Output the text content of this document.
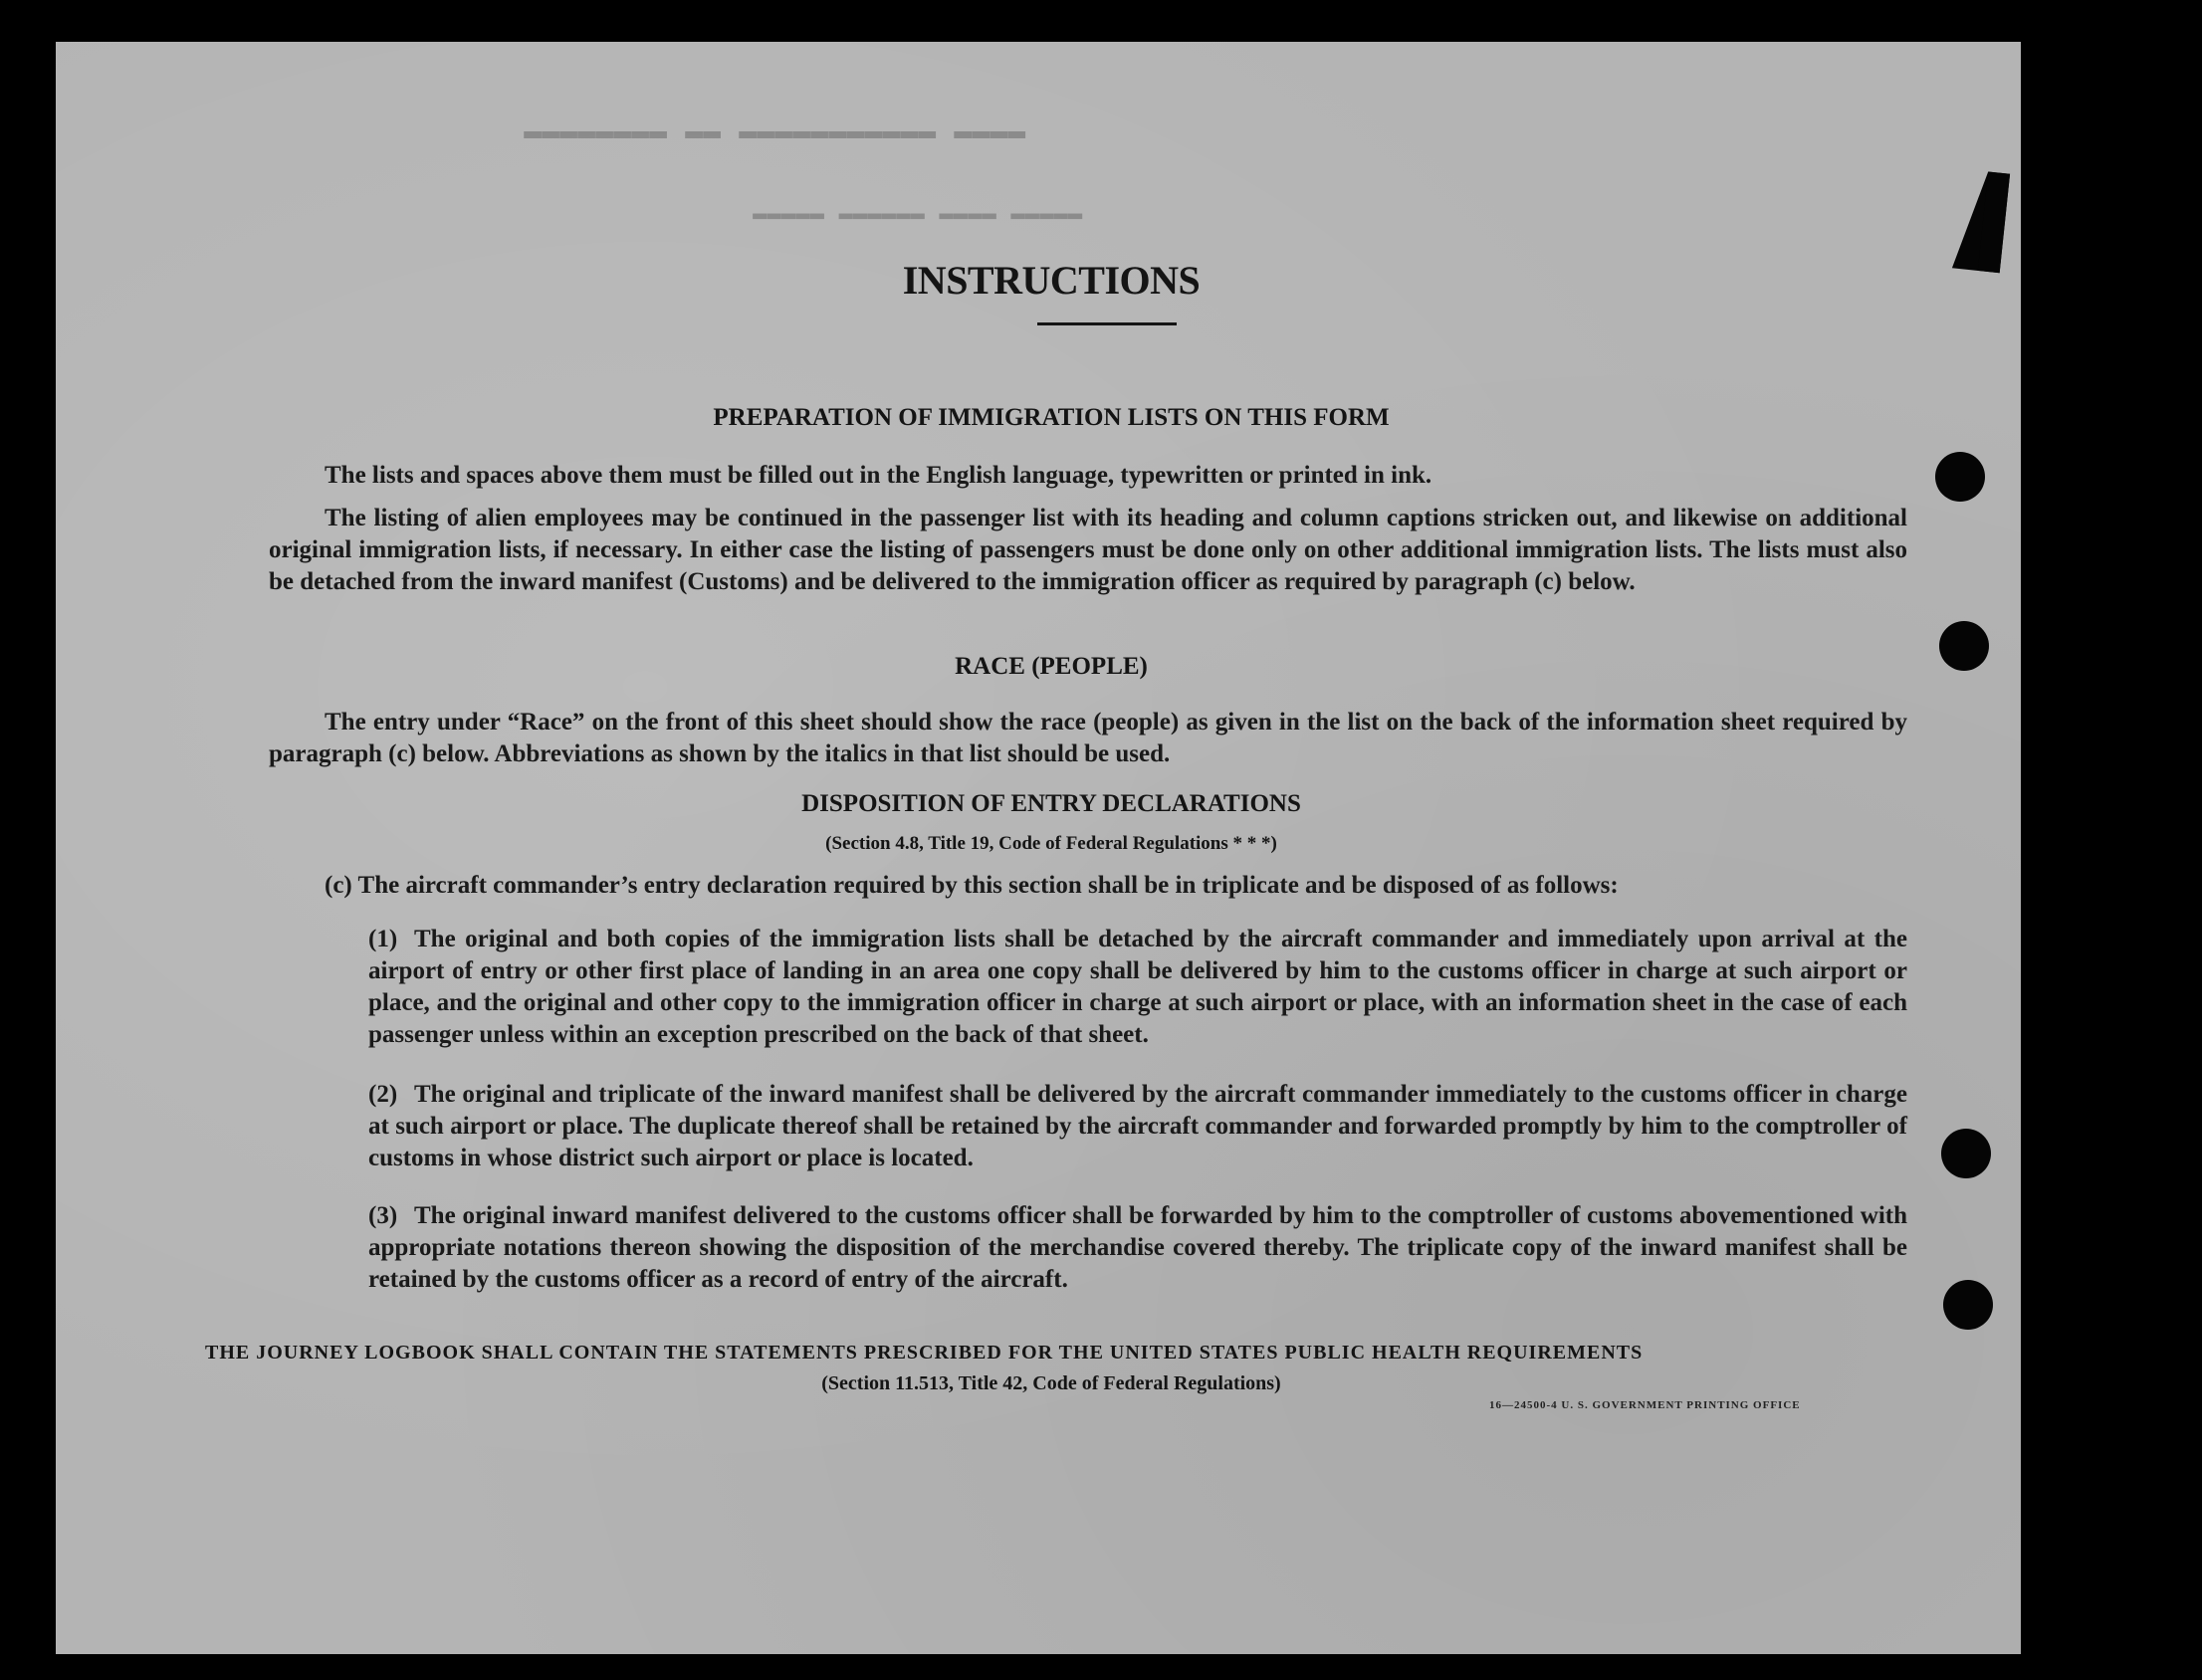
▬▬▬▬ ▬▬▬▬▬▬▬▬▬▬▬ ▬▬ ▬▬▬▬▬▬▬▬
▬▬▬▬▬ ▬▬▬▬ ▬▬▬▬▬▬ ▬▬▬▬▬
INSTRUCTIONS
PREPARATION OF IMMIGRATION LISTS ON THIS FORM
The lists and spaces above them must be filled out in the English language, typewritten or printed in ink.
The listing of alien employees may be continued in the passenger list with its heading and column captions stricken out, and likewise on additional original immigration lists, if necessary. In either case the listing of passengers must be done only on other additional immigration lists. The lists must also be detached from the inward manifest (Customs) and be delivered to the immigration officer as required by paragraph (c) below.
RACE (PEOPLE)
The entry under “Race” on the front of this sheet should show the race (people) as given in the list on the back of the information sheet required by paragraph (c) below. Abbreviations as shown by the italics in that list should be used.
DISPOSITION OF ENTRY DECLARATIONS
(Section 4.8, Title 19, Code of Federal Regulations * * *)
(c) The aircraft commander’s entry declaration required by this section shall be in triplicate and be disposed of as follows:
(1) The original and both copies of the immigration lists shall be detached by the aircraft commander and immediately upon arrival at the airport of entry or other first place of landing in an area one copy shall be delivered by him to the customs officer in charge at such airport or place, and the original and other copy to the immigration officer in charge at such airport or place, with an information sheet in the case of each passenger unless within an exception prescribed on the back of that sheet.
(2) The original and triplicate of the inward manifest shall be delivered by the aircraft commander immediately to the customs officer in charge at such airport or place. The duplicate thereof shall be retained by the aircraft commander and forwarded promptly by him to the comptroller of customs in whose district such airport or place is located.
(3) The original inward manifest delivered to the customs officer shall be forwarded by him to the comptroller of customs abovementioned with appropriate notations thereon showing the disposition of the merchandise covered thereby. The triplicate copy of the inward manifest shall be retained by the customs officer as a record of entry of the aircraft.
THE JOURNEY LOGBOOK SHALL CONTAIN THE STATEMENTS PRESCRIBED FOR THE UNITED STATES PUBLIC HEALTH REQUIREMENTS
(Section 11.513, Title 42, Code of Federal Regulations)
16—24500-4 U. S. GOVERNMENT PRINTING OFFICE
